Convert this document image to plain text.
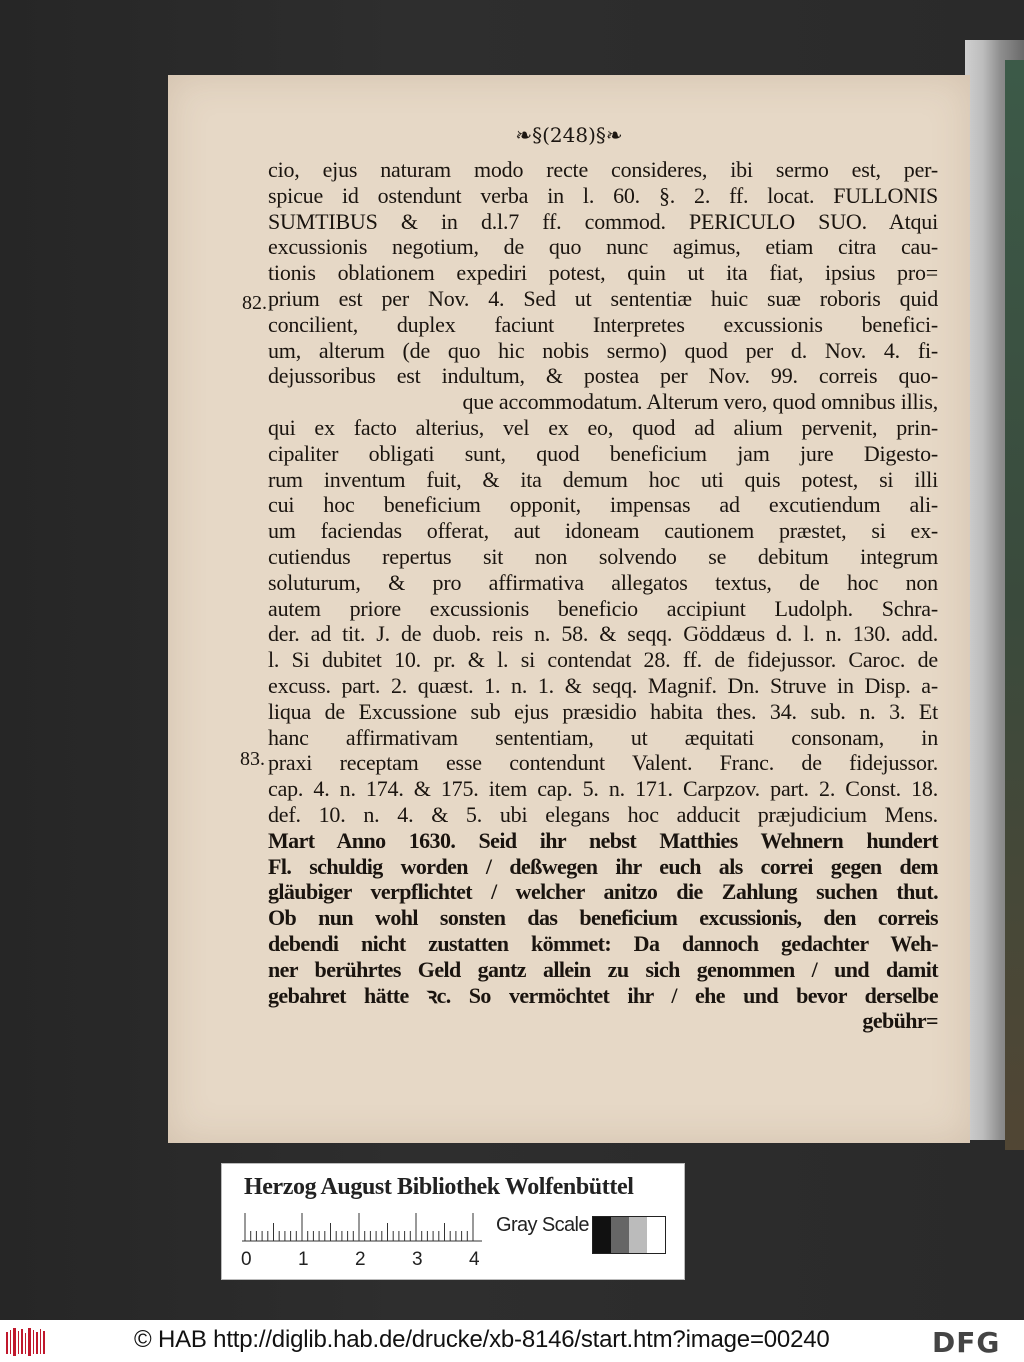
❧§(248)§❧
82.
83.
cio, ejus naturam modo recte consideres, ibi sermo est, per-
spicue id ostendunt verba in l. 60. §. 2. ff. locat. FULLONIS
SUMTIBUS & in d.l.7 ff. commod. PERICULO SUO. Atqui
excussionis negotium, de quo nunc agimus, etiam citra cau-
tionis oblationem expediri potest, quin ut ita fiat, ipsius pro=
prium est per Nov. 4. Sed ut sententiæ huic suæ roboris quid
concilient, duplex faciunt Interpretes excussionis benefici-
um, alterum (de quo hic nobis sermo) quod per d. Nov. 4. fi-
dejussoribus est indultum, & postea per Nov. 99. correis quo-
que accommodatum. Alterum vero, quod omnibus illis,
qui ex facto alterius, vel ex eo, quod ad alium pervenit, prin-
cipaliter obligati sunt, quod beneficium jam jure Digesto-
rum inventum fuit, & ita demum hoc uti quis potest, si illi
cui hoc beneficium opponit, impensas ad excutiendum ali-
um faciendas offerat, aut idoneam cautionem præstet, si ex-
cutiendus repertus sit non solvendo se debitum integrum
soluturum, & pro affirmativa allegatos textus, de hoc non
autem priore excussionis beneficio accipiunt Ludolph. Schra-
der. ad tit. J. de duob. reis n. 58. & seqq. Göddæus d. l. n. 130. add.
l. Si dubitet 10. pr. & l. si contendat 28. ff. de fidejussor. Caroc. de
excuss. part. 2. quæst. 1. n. 1. & seqq. Magnif. Dn. Struve in Disp. a-
liqua de Excussione sub ejus præsidio habita thes. 34. sub. n. 3. Et
hanc affirmativam sententiam, ut æquitati consonam, in
praxi receptam esse contendunt Valent. Franc. de fidejussor.
cap. 4. n. 174. & 175. item cap. 5. n. 171. Carpzov. part. 2. Const. 18.
def. 10. n. 4. & 5. ubi elegans hoc adducit præjudicium Mens.
Mart Anno 1630. Seid ihr nebst Matthies Wehnern hundert
Fl. schuldig worden / deßwegen ihr euch als correi gegen dem
gläubiger verpflichtet / welcher anitzo die Zahlung suchen thut.
Ob nun wohl sonsten das beneficium excussionis, den correis
debendi nicht zustatten kömmet: Da dannoch gedachter Weh-
ner berührtes Geld gantz allein zu sich genommen / und damit
gebahret hätte ꝛc. So vermöchtet ihr / ehe und bevor derselbe
gebühr=
Herzog August Bibliothek Wolfenbüttel
Gray Scale
0 1 2 3 4
© HAB http://diglib.hab.de/drucke/xb-8146/start.htm?image=00240	DFG
